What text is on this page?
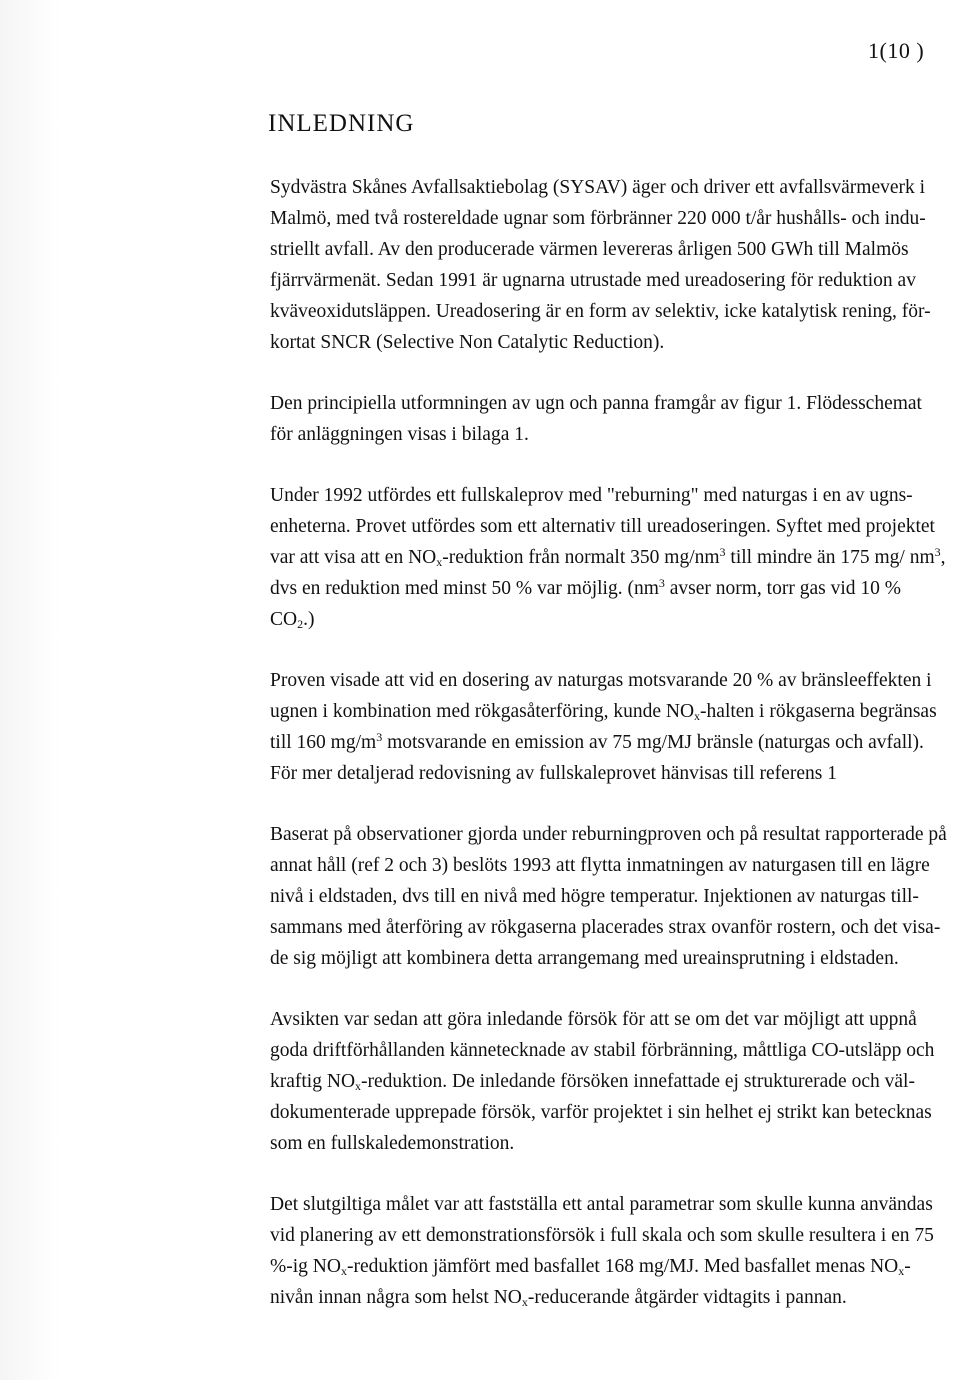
1(10 )
INLEDNING

Sydvästra Skånes Avfallsaktiebolag (SYSAV) äger och driver ett avfallsvärmeverk i
Malmö, med två rostereldade ugnar som förbränner 220 000 t/år hushålls- och indu-
striellt avfall. Av den producerade värmen levereras årligen 500 GWh till Malmös
fjärrvärmenät. Sedan 1991 är ugnarna utrustade med ureadosering för reduktion av
kväveoxidutsläppen. Ureadosering är en form av selektiv, icke katalytisk rening, för-
kortat SNCR (Selective Non Catalytic Reduction).

Den principiella utformningen av ugn och panna framgår av figur 1. Flödesschemat
för anläggningen visas i bilaga 1.

Under 1992 utfördes ett fullskaleprov med "reburning" med naturgas i en av ugns-
enheterna. Provet utfördes som ett alternativ till ureadoseringen. Syftet med projektet
var att visa att en $NO_x$-reduktion från normalt 350 $mg/nm^3$ till mindre än 175 mg/ $nm^3$,
dvs en reduktion med minst 50 % var möjlig. ($nm^3$ avser norm, torr gas vid 10 %
$CO_2$.)

Proven visade att vid en dosering av naturgas motsvarande 20 % av bränsleeffekten i
ugnen i kombination med rökgasåterföring, kunde $NO_x$-halten i rökgaserna begränsas
till 160 $mg/m^3$ motsvarande en emission av 75 mg/MJ bränsle (naturgas och avfall).
För mer detaljerad redovisning av fullskaleprovet hänvisas till referens 1

Baserat på observationer gjorda under reburningproven och på resultat rapporterade på
annat håll (ref 2 och 3) beslöts 1993 att flytta inmatningen av naturgasen till en lägre
nivå i eldstaden, dvs till en nivå med högre temperatur. Injektionen av naturgas till-
sammans med återföring av rökgaserna placerades strax ovanför rostern, och det visa-
de sig möjligt att kombinera detta arrangemang med ureainsprutning i eldstaden.

Avsikten var sedan att göra inledande försök för att se om det var möjligt att uppnå
goda driftförhållanden kännetecknade av stabil förbränning, måttliga CO-utsläpp och
kraftig $NO_x$-reduktion. De inledande försöken innefattade ej strukturerade och väl-
dokumenterade upprepade försök, varför projektet i sin helhet ej strikt kan betecknas
som en fullskaledemonstration.

Det slutgiltiga målet var att fastställa ett antal parametrar som skulle kunna användas
vid planering av ett demonstrationsförsök i full skala och som skulle resultera i en 75
%-ig $NO_x$-reduktion jämfört med basfallet 168 mg/MJ. Med basfallet menas $NO_x-$
nivån innan några som helst $NO_x$-reducerande åtgärder vidtagits i pannan.
